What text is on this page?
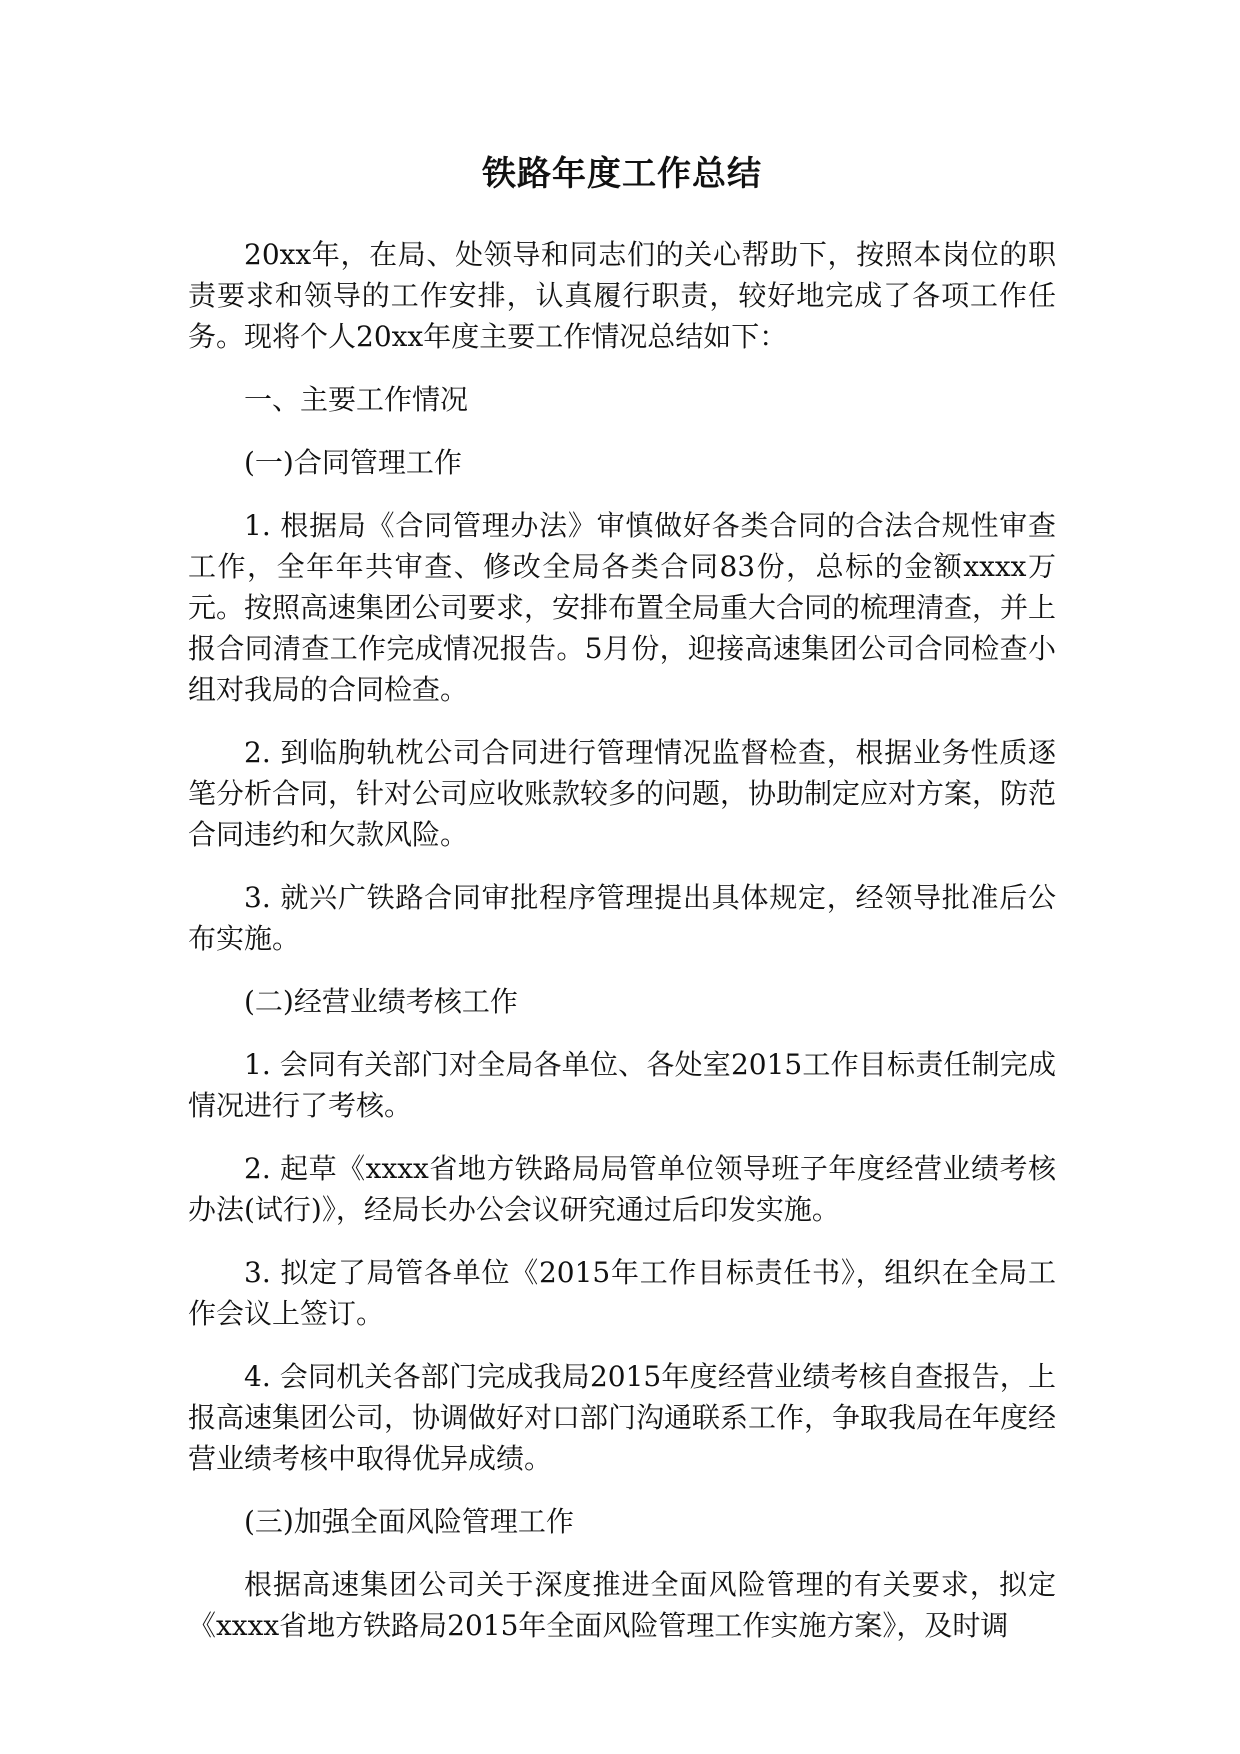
铁路年度工作总结

20xx年，在局、处领导和同志们的关心帮助下，按照本岗位的职责要求和领导的工作安排，认真履行职责，较好地完成了各项工作任务。现将个人20xx年度主要工作情况总结如下：

一、主要工作情况

(一)合同管理工作

1. 根据局《合同管理办法》审慎做好各类合同的合法合规性审查工作，全年年共审查、修改全局各类合同83份，总标的金额xxxx万元。按照高速集团公司要求，安排布置全局重大合同的梳理清查，并上报合同清查工作完成情况报告。5月份，迎接高速集团公司合同检查小组对我局的合同检查。

2. 到临朐轨枕公司合同进行管理情况监督检查，根据业务性质逐笔分析合同，针对公司应收账款较多的问题，协助制定应对方案，防范合同违约和欠款风险。

3. 就兴广铁路合同审批程序管理提出具体规定，经领导批准后公布实施。

(二)经营业绩考核工作

1. 会同有关部门对全局各单位、各处室2015工作目标责任制完成情况进行了考核。

2. 起草《xxxx省地方铁路局局管单位领导班子年度经营业绩考核办法(试行)》，经局长办公会议研究通过后印发实施。

3. 拟定了局管各单位《2015年工作目标责任书》，组织在全局工作会议上签订。

4. 会同机关各部门完成我局2015年度经营业绩考核自查报告，上报高速集团公司，协调做好对口部门沟通联系工作，争取我局在年度经营业绩考核中取得优异成绩。

(三)加强全面风险管理工作

根据高速集团公司关于深度推进全面风险管理的有关要求，拟定《xxxx省地方铁路局2015年全面风险管理工作实施方案》，及时调
